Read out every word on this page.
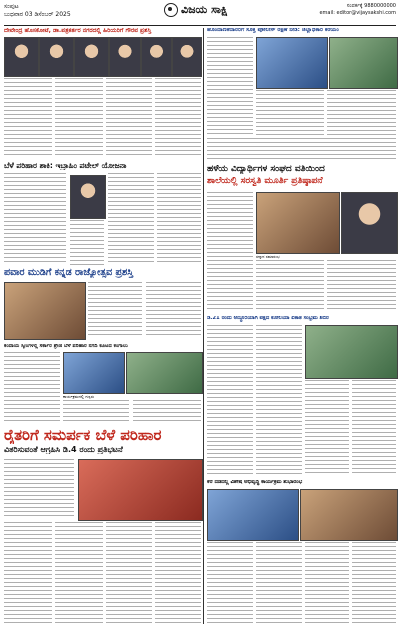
ಸಂಪುಟ
ಬುಧವಾರ 03 ಡಿಸೆಂಬರ್ 2025	ವಿಜಯ ಸಾಕ್ಷಿ	ಸಂಪರ್ಕಕ್ಕೆ 9880000000
email: editor@vijaysakshi.com
ದೇವೇಂದ್ರ ಹೊಸಕೋಟೆ, ಡಾ.ಪತ್ರಕರ್ತರ ನಗರದಲ್ಲಿ ಹಿರಿಯರಿಗೆ ಗೌರವ ಪ್ರಶಸ್ತಿ
ಬೆಳೆ ಪರಿಹಾರ ಶಾಕಿ: ಇಬ್ರಾಹಿಂ ಪಟೇಲ್ ಯೋಜನಾ
ಪವಾರ ಮುಡಿಗೆ ಕನ್ನಡ ರಾಜ್ಯೋತ್ಸವ ಪ್ರಶಸ್ತಿ
ಕಂದಾಯ ಸ್ಕೀಂಗಳಲ್ಲಿ ಸರ್ಕಾರ ಶ್ರೇಣಿ ಬೆಳೆ ಪರಿಹಾರ ನಗದಿ ಕೂಟದ ಕಂಗಾಲು
ಕಾರ್ಯಕ್ರಮದಲ್ಲಿ ಗಣ್ಯರು
ರೈತರಿಗೆ ಸಮರ್ಪಕ ಬೆಳೆ ಪರಿಹಾರ
ವಿತರಿಸುವಂತೆ ಆಗ್ರಹಿಸಿ ಡಿ.4 ರಂದು ಪ್ರತಿಭಟನೆ
ಹೊಂದಾಣಿಕೆದಾರರಿಗೆ ಸೂಕ್ತ ಪೋಲೀಸ್ ರಕ್ಷಣೆ ನೀಡಿ: ಜಿಲ್ಲಾಧಿಕಾರಿ ಕರೆಯಂ
ಹಳೆಯ ವಿದ್ಯಾರ್ಥಿಗಳ ಸಂಘದ ವತಿಯಿಂದ
ಶಾಲೆಯಲ್ಲಿ ಸರಸ್ವತಿ ಮೂರ್ತಿ ಪ್ರತಿಷ್ಠಾಪನೆ
ಸನ್ಮಾನ ಸಮಾರಂಭ
ಡಿ.21 ರಂದು ಅದ್ಧೂರಿಯಾಗಿ ಪಕ್ಷದ ಕೋಲಿಯಾ ಏಕಾತ ಸಂಭ್ರಮ ಶಿಬಿರ
ಕೆರೆ ದಡದಲ್ಲಿ ವಿಶೇಷ ಅಭಿವೃದ್ಧಿ ಕಾರ್ಯಕ್ರಮ ಶುಭಾರಂಭ
